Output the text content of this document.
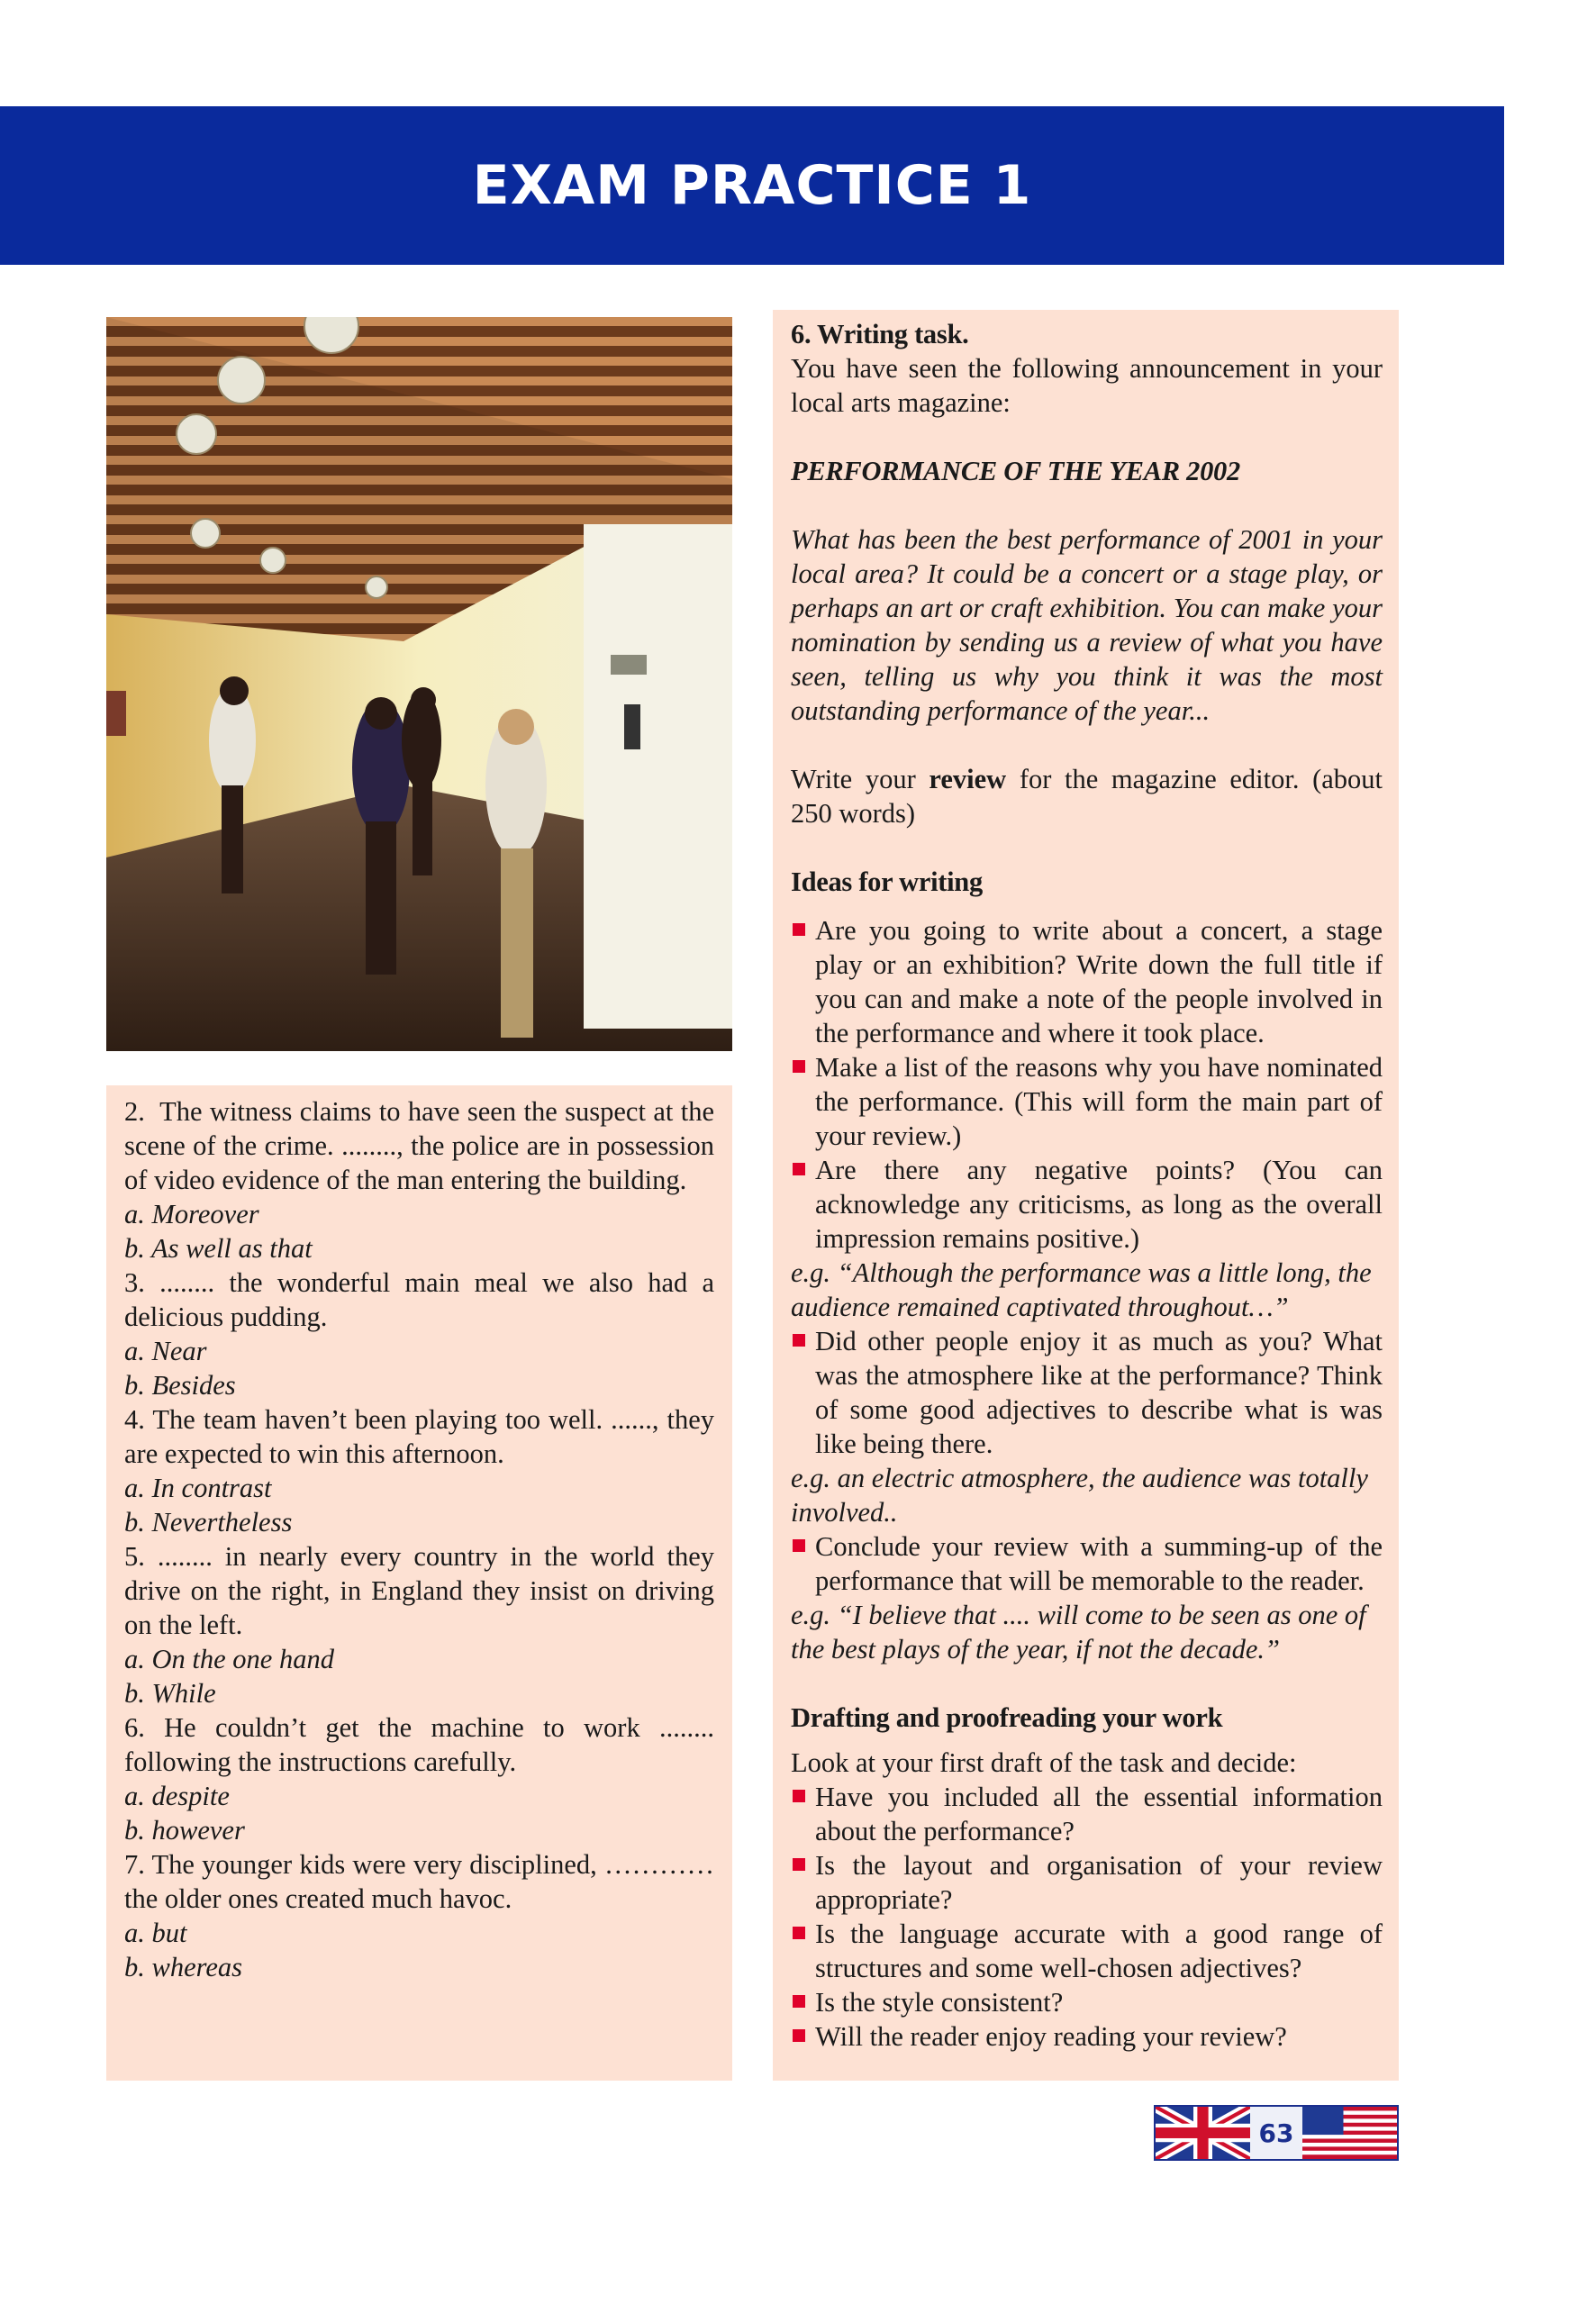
EXAM PRACTICE 1

2. The witness claims to have seen the suspect at the scene of the crime. ........, the police are in possession of video evidence of the man entering the building.

a. Moreover

b. As well as that

3. ........ the wonderful main meal we also had a delicious pudding.

a. Near

b. Besides

4. The team haven’t been playing too well. ......, they are expected to win this afternoon.

a. In contrast

b. Nevertheless

5. ........ in nearly every country in the world they drive on the right, in England they insist on driving on the left.

a. On the one hand

b. While

6. He couldn’t get the machine to work ........ following the instructions carefully.

a. despite

b. however

7. The younger kids were very disciplined, ………… the older ones created much havoc.

a. but

b. whereas

6. Writing task.

You have seen the following announcement in your local arts magazine:

PERFORMANCE OF THE YEAR 2002

What has been the best performance of 2001 in your local area? It could be a concert or a stage play, or perhaps an art or craft exhibition. You can make your nomination by sending us a review of what you have seen, telling us why you think it was the most outstanding performance of the year...

Write your review for the magazine editor. (about 250 words)

Ideas for writing

Are you going to write about a concert, a stage play or an exhibition? Write down the full title if you can and make a note of the people involved in the performance and where it took place.

Make a list of the reasons why you have nominated the performance. (This will form the main part of your review.)

Are there any negative points? (You can acknowledge any criticisms, as long as the overall impression remains positive.)

e.g. “Although the performance was a little long, the audience remained captivated throughout…”

Did other people enjoy it as much as you? What was the atmosphere like at the performance? Think of some good adjectives to describe what is was like being there.

e.g. an electric atmosphere, the audience was totally involved..

Conclude your review with a summing-up of the performance that will be memorable to the reader.

e.g. “I believe that .... will come to be seen as one of the best plays of the year, if not the decade.”

Drafting and proofreading your work

Look at your first draft of the task and decide:

Have you included all the essential information about the performance?

Is the layout and organisation of your review appropriate?

Is the language accurate with a good range of structures and some well-chosen adjectives?

Is the style consistent?

Will the reader enjoy reading your review?

63
